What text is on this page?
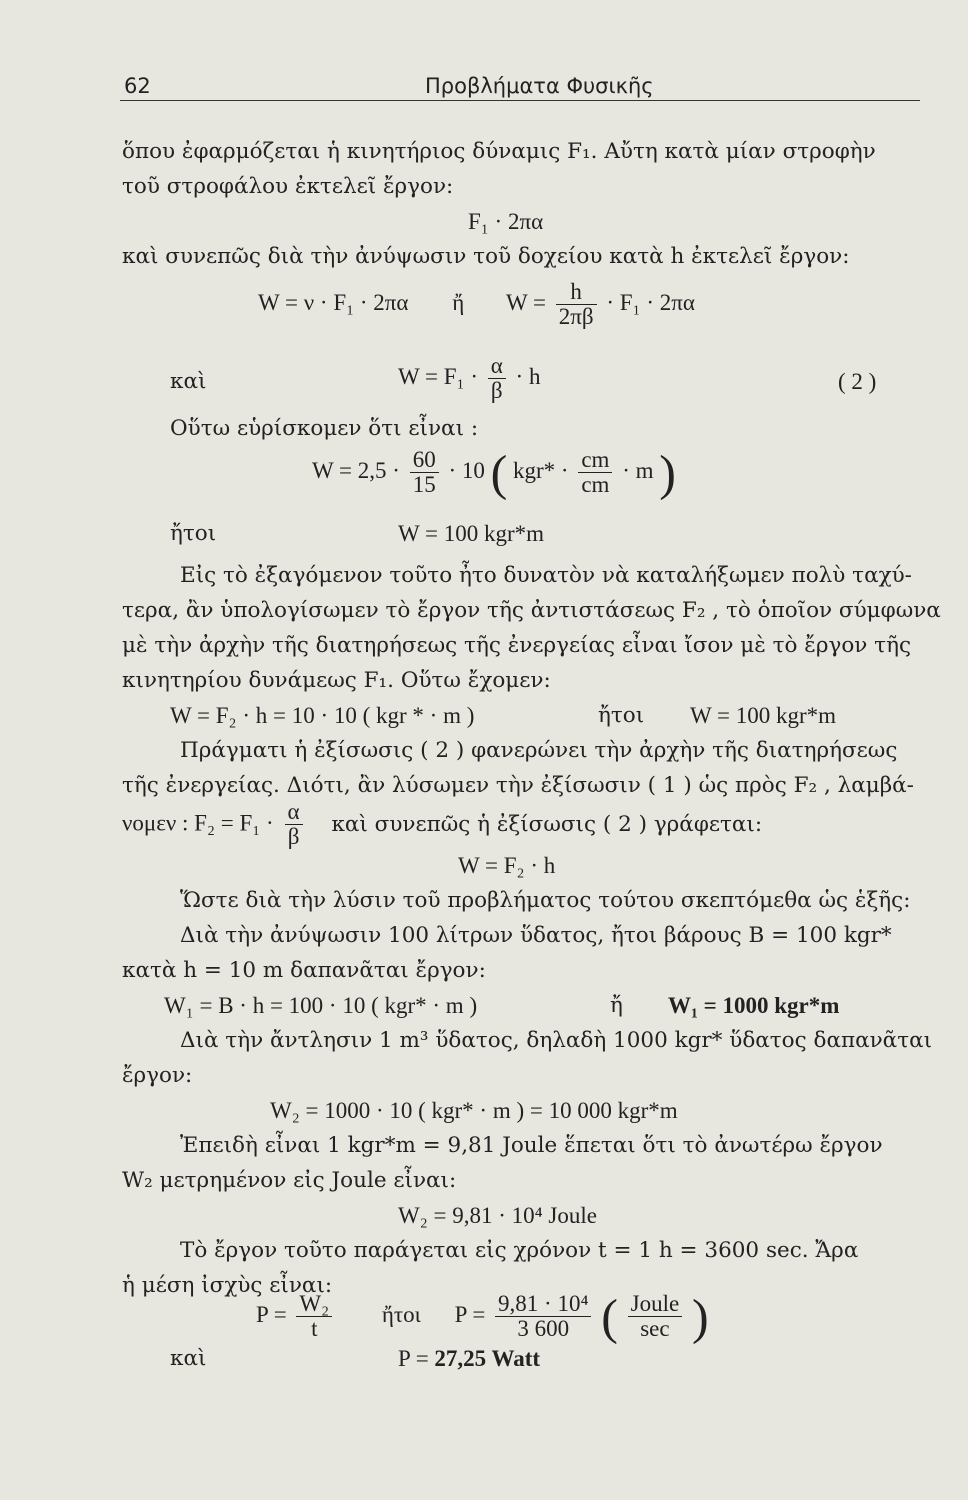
62	Προβλήματα Φυσικῆς
ὅπου ἐφαρμόζεται ἡ κινητήριος δύναμις F₁. Αὔτη κατὰ μίαν στροφὴν
τοῦ στροφάλου ἐκτελεῖ ἔργον:
F₁ · 2πα
καὶ συνεπῶς διὰ τὴν ἀνύψωσιν τοῦ δοχείου κατὰ h ἐκτελεῖ ἔργον:
W = ν · F₁ · 2πα ἤ $W = \frac{h}{2\pi\beta} \cdot F_1 \cdot 2\pi\alpha$
καὶ	$W = F_1 \cdot \frac{\alpha}{\beta} \cdot h$	( 2 )
Οὕτω εὑρίσκομεν ὅτι εἶναι :
$W = 2,5 \cdot \frac{60}{15} \cdot 10$ ( $kgr* \cdot \frac{cm}{cm} \cdot m$ )
ἤτοι	W = 100 kgr*m
Εἰς τὸ ἐξαγόμενον τοῦτο ἦτο δυνατὸν νὰ καταλήξωμεν πολὺ ταχύ-
τερα, ἂν ὑπολογίσωμεν τὸ ἔργον τῆς ἀντιστάσεως F₂ , τὸ ὁποῖον σύμφωνα
μὲ τὴν ἀρχὴν τῆς διατηρήσεως τῆς ἐνεργείας εἶναι ἴσον μὲ τὸ ἔργον τῆς
κινητηρίου δυνάμεως F₁. Οὕτω ἔχομεν:
W = F₂ · h = 10 · 10 ( kgr * · m )	ἤτοι W = 100 kgr*m
Πράγματι ἡ ἐξίσωσις ( 2 ) φανερώνει τὴν ἀρχὴν τῆς διατηρήσεως
τῆς ἐνεργείας. Διότι, ἂν λύσωμεν τὴν ἐξίσωσιν ( 1 ) ὡς πρὸς F₂ , λαμβά-
νομεν : $F_2 = F_1 \cdot \frac{\alpha}{\beta}$ καὶ συνεπῶς ἡ ἐξίσωσις ( 2 ) γράφεται:
W = F₂ · h
Ὥστε διὰ τὴν λύσιν τοῦ προβλήματος τούτου σκεπτόμεθα ὡς ἑξῆς:
Διὰ τὴν ἀνύψωσιν 100 λίτρων ὕδατος, ἤτοι βάρους B = 100 kgr*
κατὰ h = 10 m δαπανᾶται ἔργον:
W₁ = B · h = 100 · 10 ( kgr* · m )	ἤ W₁ = 1000 kgr*m
Διὰ τὴν ἄντλησιν 1 m³ ὕδατος, δηλαδὴ 1000 kgr* ὕδατος δαπανᾶται
ἔργον:
W₂ = 1000 · 10 ( kgr* · m ) = 10 000 kgr*m
Ἐπειδὴ εἶναι 1 kgr*m = 9,81 Joule ἕπεται ὅτι τὸ ἀνωτέρω ἔργον
W₂ μετρημένον εἰς Joule εἶναι:
W₂ = 9,81 · 10⁴ Joule
Τὸ ἔργον τοῦτο παράγεται εἰς χρόνον t = 1 h = 3600 sec. Ἄρα
ἡ μέση ἰσχὺς εἶναι:
$P = \frac{\text{W₂}}{t}$ ἤτοι $P = \frac{\text{9,81 · 10⁴}}{3 600}$ ( $\frac{\text{Joule}}{\sec}$ )
καὶ	P = 27,25 Watt
